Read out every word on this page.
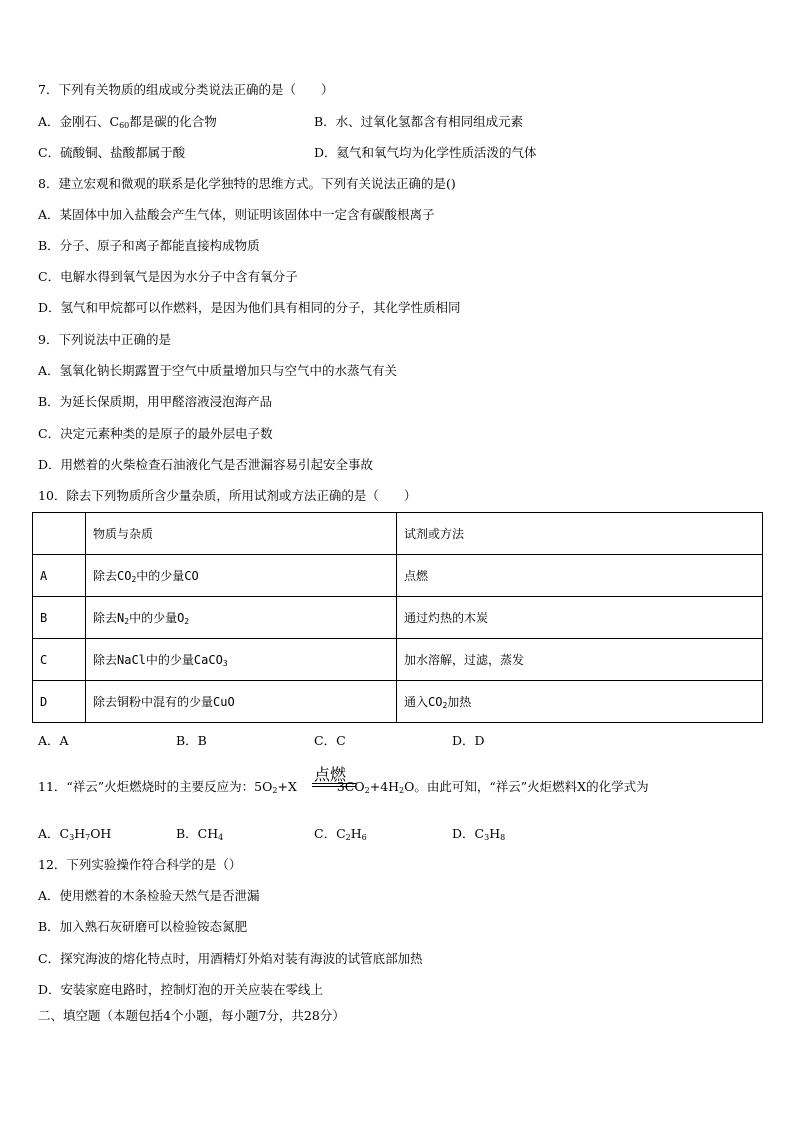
7．下列有关物质的组成或分类说法正确的是（　　）
A．金刚石、$C_{60}$都是碳的化合物	B．水、过氧化氢都含有相同组成元素
C．硫酸铜、盐酸都属于酸	D．氦气和氧气均为化学性质活泼的气体
8．建立宏观和微观的联系是化学独特的思维方式。下列有关说法正确的是()
A．某固体中加入盐酸会产生气体，则证明该固体中一定含有碳酸根离子
B．分子、原子和离子都能直接构成物质
C．电解水得到氧气是因为水分子中含有氧分子
D．氢气和甲烷都可以作燃料，是因为他们具有相同的分子，其化学性质相同
9．下列说法中正确的是
A．氢氧化钠长期露置于空气中质量增加只与空气中的水蒸气有关
B．为延长保质期，用甲醛溶液浸泡海产品
C．决定元素种类的是原子的最外层电子数
D．用燃着的火柴检查石油液化气是否泄漏容易引起安全事故
10．除去下列物质所含少量杂质，所用试剂或方法正确的是（　　）
	物质与杂质	试剂或方法
A	除去$CO_2$中的少量CO	点燃
B	除去$N_2$中的少量$O_2$	通过灼热的木炭
C	除去NaCl中的少量CaCO$_3$	加水溶解，过滤，蒸发
D	除去铜粉中混有的少量CuO	通入$CO_2$加热
A．A	B．B	C．C	D．D
点燃
11．“祥云”火炬燃烧时的主要反应为：$5O_2+X$	$3CO_2+4H_2O$。由此可知，“祥云”火炬燃料X的化学式为
A．$C_3H_7OH$	B．$CH_4$	C．$C_2H_6$	D．$C_3H_8$
12．下列实验操作符合科学的是（）
A．使用燃着的木条检验天然气是否泄漏
B．加入熟石灰研磨可以检验铵态氮肥
C．探究海波的熔化特点时，用酒精灯外焰对装有海波的试管底部加热
D．安装家庭电路时，控制灯泡的开关应装在零线上
二、填空题（本题包括4个小题，每小题7分，共28分）
